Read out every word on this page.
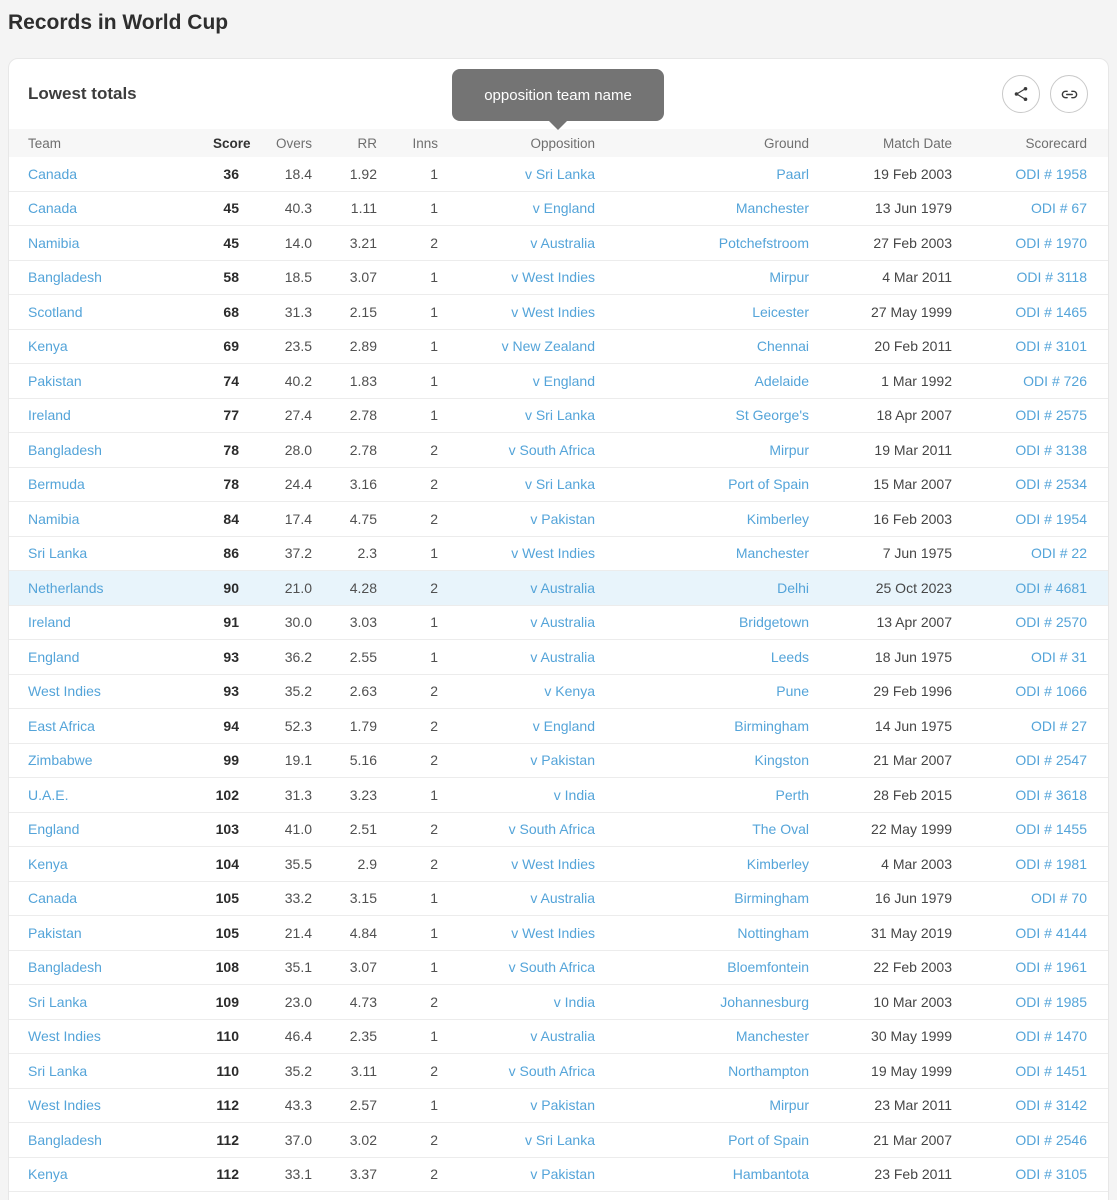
Records in World Cup
Lowest totals	opposition team name
Team	Score	Overs	RR	Inns	Opposition	Ground	Match Date	Scorecard
Canada	36	18.4	1.92	1	v Sri Lanka	Paarl	19 Feb 2003	ODI # 1958
Canada	45	40.3	1.11	1	v England	Manchester	13 Jun 1979	ODI # 67
Namibia	45	14.0	3.21	2	v Australia	Potchefstroom	27 Feb 2003	ODI # 1970
Bangladesh	58	18.5	3.07	1	v West Indies	Mirpur	4 Mar 2011	ODI # 3118
Scotland	68	31.3	2.15	1	v West Indies	Leicester	27 May 1999	ODI # 1465
Kenya	69	23.5	2.89	1	v New Zealand	Chennai	20 Feb 2011	ODI # 3101
Pakistan	74	40.2	1.83	1	v England	Adelaide	1 Mar 1992	ODI # 726
Ireland	77	27.4	2.78	1	v Sri Lanka	St George's	18 Apr 2007	ODI # 2575
Bangladesh	78	28.0	2.78	2	v South Africa	Mirpur	19 Mar 2011	ODI # 3138
Bermuda	78	24.4	3.16	2	v Sri Lanka	Port of Spain	15 Mar 2007	ODI # 2534
Namibia	84	17.4	4.75	2	v Pakistan	Kimberley	16 Feb 2003	ODI # 1954
Sri Lanka	86	37.2	2.3	1	v West Indies	Manchester	7 Jun 1975	ODI # 22
Netherlands	90	21.0	4.28	2	v Australia	Delhi	25 Oct 2023	ODI # 4681
Ireland	91	30.0	3.03	1	v Australia	Bridgetown	13 Apr 2007	ODI # 2570
England	93	36.2	2.55	1	v Australia	Leeds	18 Jun 1975	ODI # 31
West Indies	93	35.2	2.63	2	v Kenya	Pune	29 Feb 1996	ODI # 1066
East Africa	94	52.3	1.79	2	v England	Birmingham	14 Jun 1975	ODI # 27
Zimbabwe	99	19.1	5.16	2	v Pakistan	Kingston	21 Mar 2007	ODI # 2547
U.A.E.	102	31.3	3.23	1	v India	Perth	28 Feb 2015	ODI # 3618
England	103	41.0	2.51	2	v South Africa	The Oval	22 May 1999	ODI # 1455
Kenya	104	35.5	2.9	2	v West Indies	Kimberley	4 Mar 2003	ODI # 1981
Canada	105	33.2	3.15	1	v Australia	Birmingham	16 Jun 1979	ODI # 70
Pakistan	105	21.4	4.84	1	v West Indies	Nottingham	31 May 2019	ODI # 4144
Bangladesh	108	35.1	3.07	1	v South Africa	Bloemfontein	22 Feb 2003	ODI # 1961
Sri Lanka	109	23.0	4.73	2	v India	Johannesburg	10 Mar 2003	ODI # 1985
West Indies	110	46.4	2.35	1	v Australia	Manchester	30 May 1999	ODI # 1470
Sri Lanka	110	35.2	3.11	2	v South Africa	Northampton	19 May 1999	ODI # 1451
West Indies	112	43.3	2.57	1	v Pakistan	Mirpur	23 Mar 2011	ODI # 3142
Bangladesh	112	37.0	3.02	2	v Sri Lanka	Port of Spain	21 Mar 2007	ODI # 2546
Kenya	112	33.1	3.37	2	v Pakistan	Hambantota	23 Feb 2011	ODI # 3105
